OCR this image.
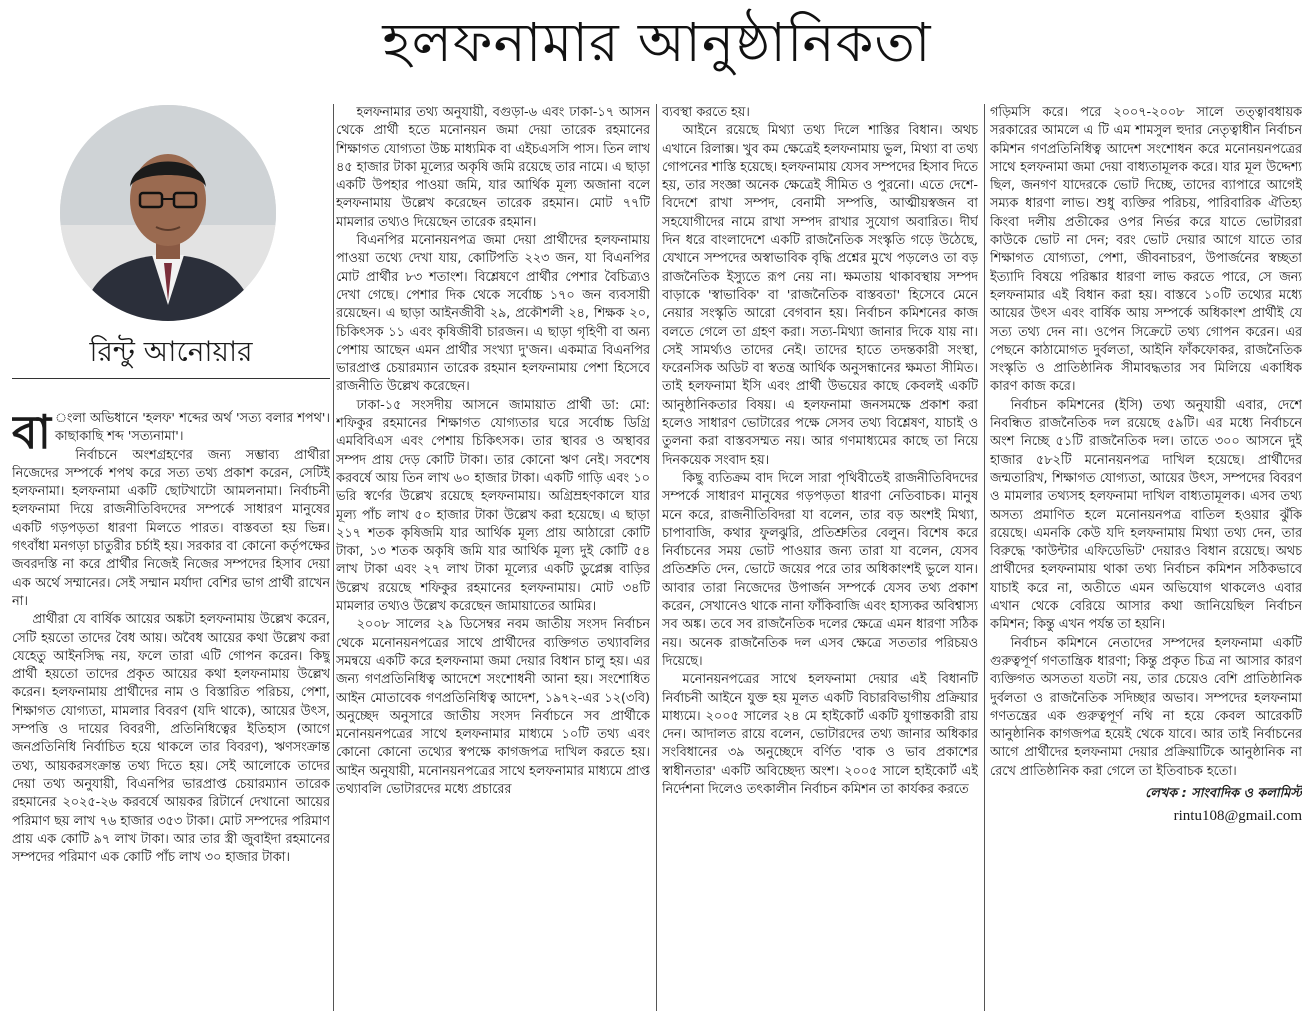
হলফনামার আনুষ্ঠানিকতা
রিন্টু আনোয়ার

বা ংলা অভিধানে 'হলফ' শব্দের অর্থ 'সত্য বলার শপথ'। কাছাকাছি শব্দ 'সত্যনামা'।

নির্বাচনে অংশগ্রহণের জন্য সম্ভাব্য প্রার্থীরা নিজেদের সম্পর্কে শপথ করে সত্য তথ্য প্রকাশ করেন, সেটিই হলফনামা। হলফনামা একটি ছোটখাটো আমলনামা। নির্বাচনী হলফনামা দিয়ে রাজনীতিবিদদের সম্পর্কে সাধারণ মানুষের একটি গড়পড়তা ধারণা মিলতে পারত। বাস্তবতা হয় ভিন্ন। গৎবাঁধা মনগড়া চাতুরীর চর্চাই হয়। সরকার বা কোনো কর্তৃপক্ষের জবরদস্তি না করে প্রার্থীর নিজেই নিজের সম্পদের হিসাব দেয়া এক অর্থে সম্মানের। সেই সম্মান মর্যাদা বেশির ভাগ প্রার্থী রাখেন না।

প্রার্থীরা যে বার্ষিক আয়ের অঙ্কটা হলফনামায় উল্লেখ করেন, সেটি হয়তো তাদের বৈধ আয়। অবৈধ আয়ের কথা উল্লেখ করা যেহেতু আইনসিদ্ধ নয়, ফলে তারা এটি গোপন করেন। কিছু প্রার্থী হয়তো তাদের প্রকৃত আয়ের কথা হলফনামায় উল্লেখ করেন। হলফনামায় প্রার্থীদের নাম ও বিস্তারিত পরিচয়, পেশা, শিক্ষাগত যোগ্যতা, মামলার বিবরণ (যদি থাকে), আয়ের উৎস, সম্পত্তি ও দায়ের বিবরণী, প্রতিনিধিত্বের ইতিহাস (আগে জনপ্রতিনিধি নির্বাচিত হয়ে থাকলে তার বিবরণ), ঋণসংক্রান্ত তথ্য, আয়করসংক্রান্ত তথ্য দিতে হয়। সেই আলোকে তাদের দেয়া তথ্য অনুযায়ী, বিএনপির ভারপ্রাপ্ত চেয়ারম্যান তারেক রহমানের ২০২৫-২৬ করবর্ষে আয়কর রিটার্নে দেখানো আয়ের পরিমাণ ছয় লাখ ৭৬ হাজার ৩৫৩ টাকা। মোট সম্পদের পরিমাণ প্রায় এক কোটি ৯৭ লাখ টাকা। আর তার স্ত্রী জুবাইদা রহমানের সম্পদের পরিমাণ এক কোটি পাঁচ লাখ ৩০ হাজার টাকা।

হলফনামার তথ্য অনুযায়ী, বগুড়া-৬ এবং ঢাকা-১৭ আসন থেকে প্রার্থী হতে মনোনয়ন জমা দেয়া তারেক রহমানের শিক্ষাগত যোগ্যতা উচ্চ মাধ্যমিক বা এইচএসসি পাস। তিন লাখ ৪৫ হাজার টাকা মূল্যের অকৃষি জমি রয়েছে তার নামে। এ ছাড়া একটি উপহার পাওয়া জমি, যার আর্থিক মূল্য অজানা বলে হলফনামায় উল্লেখ করেছেন তারেক রহমান। মোট ৭৭টি মামলার তথ্যও দিয়েছেন তারেক রহমান।

বিএনপির মনোনয়নপত্র জমা দেয়া প্রার্থীদের হলফনামায় পাওয়া তথ্যে দেখা যায়, কোটিপতি ২২৩ জন, যা বিএনপির মোট প্রার্থীর ৮৩ শতাংশ। বিশ্লেষণে প্রার্থীর পেশার বৈচিত্র্যও দেখা গেছে। পেশার দিক থেকে সর্বোচ্চ ১৭০ জন ব্যবসায়ী রয়েছেন। এ ছাড়া আইনজীবী ২৯, প্রকৌশলী ২৪, শিক্ষক ২০, চিকিৎসক ১১ এবং কৃষিজীবী চারজন। এ ছাড়া গৃহিণী বা অন্য পেশায় আছেন এমন প্রার্থীর সংখ্যা দু'জন। একমাত্র বিএনপির ভারপ্রাপ্ত চেয়ারম্যান তারেক রহমান হলফনামায় পেশা হিসেবে রাজনীতি উল্লেখ করেছেন।

ঢাকা-১৫ সংসদীয় আসনে জামায়াত প্রার্থী ডা: মো: শফিকুর রহমানের শিক্ষাগত যোগ্যতার ঘরে সর্বোচ্চ ডিগ্রি এমবিবিএস এবং পেশায় চিকিৎসক। তার স্থাবর ও অস্থাবর সম্পদ প্রায় দেড় কোটি টাকা। তার কোনো ঋণ নেই। সবশেষ করবর্ষে আয় তিন লাখ ৬০ হাজার টাকা। একটি গাড়ি এবং ১০ ভরি স্বর্ণের উল্লেখ রয়েছে হলফনামায়। অগ্রিম্রহণকালে যার মূল্য পাঁচ লাখ ৫০ হাজার টাকা উল্লেখ করা হয়েছে। এ ছাড়া ২১৭ শতক কৃষিজমি যার আর্থিক মূল্য প্রায় আঠারো কোটি টাকা, ১৩ শতক অকৃষি জমি যার আর্থিক মূল্য দুই কোটি ৫৪ লাখ টাকা এবং ২৭ লাখ টাকা মূল্যের একটি ডুপ্লেক্স বাড়ির উল্লেখ রয়েছে শফিকুর রহমানের হলফনামায়। মোট ৩৪টি মামলার তথ্যও উল্লেখ করেছেন জামায়াতের আমির।

২০০৮ সালের ২৯ ডিসেম্বর নবম জাতীয় সংসদ নির্বাচন থেকে মনোনয়নপত্রের সাথে প্রার্থীদের ব্যক্তিগত তথ্যাবলির সমন্বয়ে একটি করে হলফনামা জমা দেয়ার বিধান চালু হয়। এর জন্য গণপ্রতিনিধিত্ব আদেশে সংশোধনী আনা হয়। সংশোধিত আইন মোতাবেক গণপ্রতিনিধিত্ব আদেশ, ১৯৭২-এর ১২(৩বি) অনুচ্ছেদ অনুসারে জাতীয় সংসদ নির্বাচনে সব প্রার্থীকে মনোনয়নপত্রের সাথে হলফনামার মাধ্যমে ১০টি তথ্য এবং কোনো কোনো তথ্যের স্বপক্ষে কাগজপত্র দাখিল করতে হয়। আইন অনুযায়ী, মনোনয়নপত্রের সাথে হলফনামার মাধ্যমে প্রাপ্ত তথ্যাবলি ভোটারদের মধ্যে প্রচারের

ব্যবস্থা করতে হয়।

আইনে রয়েছে মিথ্যা তথ্য দিলে শাস্তির বিধান। অথচ এখানে রিলাক্স। খুব কম ক্ষেত্রেই হলফনামায় ভুল, মিথ্যা বা তথ্য গোপনের শাস্তি হয়েছে। হলফনামায় যেসব সম্পদের হিসাব দিতে হয়, তার সংজ্ঞা অনেক ক্ষেত্রেই সীমিত ও পুরনো। এতে দেশে-বিদেশে রাখা সম্পদ, বেনামী সম্পত্তি, আত্মীয়স্বজন বা সহযোগীদের নামে রাখা সম্পদ রাখার সুযোগ অবারিত। দীর্ঘ দিন ধরে বাংলাদেশে একটি রাজনৈতিক সংস্কৃতি গড়ে উঠেছে, যেখানে সম্পদের অস্বাভাবিক বৃদ্ধি প্রশ্নের মুখে পড়লেও তা বড় রাজনৈতিক ইস্যুতে রূপ নেয় না। ক্ষমতায় থাকাবস্থায় সম্পদ বাড়াকে 'স্বাভাবিক' বা 'রাজনৈতিক বাস্তবতা' হিসেবে মেনে নেয়ার সংস্কৃতি আরো বেগবান হয়। নির্বাচন কমিশনের কাজ বলতে গেলে তা গ্রহণ করা। সত্য-মিথ্যা জানার দিকে যায় না। সেই সামর্থ্যও তাদের নেই। তাদের হাতে তদন্তকারী সংস্থা, ফরেনসিক অডিট বা স্বতন্ত্র আর্থিক অনুসন্ধানের ক্ষমতা সীমিত। তাই হলফনামা ইসি এবং প্রার্থী উভয়ের কাছে কেবলই একটি আনুষ্ঠানিকতার বিষয়। এ হলফনামা জনসমক্ষে প্রকাশ করা হলেও সাধারণ ভোটারের পক্ষে সেসব তথ্য বিশ্লেষণ, যাচাই ও তুলনা করা বাস্তবসম্মত নয়। আর গণমাধ্যমের কাছে তা নিয়ে দিনকয়েক সংবাদ হয়।

কিছু ব্যতিক্রম বাদ দিলে সারা পৃথিবীতেই রাজনীতিবিদদের সম্পর্কে সাধারণ মানুষের গড়পড়তা ধারণা নেতিবাচক। মানুষ মনে করে, রাজনীতিবিদরা যা বলেন, তার বড় অংশই মিথ্যা, চাপাবাজি, কথার ফুলঝুরি, প্রতিশ্রুতির বেলুন। বিশেষ করে নির্বাচনের সময় ভোট পাওয়ার জন্য তারা যা বলেন, যেসব প্রতিশ্রুতি দেন, ভোটে জয়ের পরে তার অধিকাংশই ভুলে যান। আবার তারা নিজেদের উপার্জন সম্পর্কে যেসব তথ্য প্রকাশ করেন, সেখানেও থাকে নানা ফাঁকিবাজি এবং হাস্যকর অবিশ্বাস্য সব অঙ্ক। তবে সব রাজনৈতিক দলের ক্ষেত্রে এমন ধারণা সঠিক নয়। অনেক রাজনৈতিক দল এসব ক্ষেত্রে সততার পরিচয়ও দিয়েছে।

মনোনয়নপত্রের সাথে হলফনামা দেয়ার এই বিধানটি নির্বাচনী আইনে যুক্ত হয় মূলত একটি বিচারবিভাগীয় প্রক্রিয়ার মাধ্যমে। ২০০৫ সালের ২৪ মে হাইকোর্ট একটি যুগান্তকারী রায় দেন। আদালত রায়ে বলেন, ভোটারদের তথ্য জানার অধিকার সংবিধানের ৩৯ অনুচ্ছেদে বর্ণিত 'বাক ও ভাব প্রকাশের স্বাধীনতার' একটি অবিচ্ছেদ্য অংশ। ২০০৫ সালে হাইকোর্ট এই নির্দেশনা দিলেও তৎকালীন নির্বাচন কমিশন তা কার্যকর করতে

গড়িমসি করে। পরে ২০০৭-২০০৮ সালে তত্ত্বাবধায়ক সরকারের আমলে এ টি এম শামসুল হুদার নেতৃত্বাধীন নির্বাচন কমিশন গণপ্রতিনিধিত্ব আদেশ সংশোধন করে মনোনয়নপত্রের সাথে হলফনামা জমা দেয়া বাধ্যতামূলক করে। যার মূল উদ্দেশ্য ছিল, জনগণ যাদেরকে ভোট দিচ্ছে, তাদের ব্যাপারে আগেই সম্যক ধারণা লাভ। শুধু ব্যক্তির পরিচয়, পারিবারিক ঐতিহ্য কিংবা দলীয় প্রতীকের ওপর নির্ভর করে যাতে ভোটাররা কাউকে ভোট না দেন; বরং ভোট দেয়ার আগে যাতে তার শিক্ষাগত যোগ্যতা, পেশা, জীবনাচরণ, উপার্জনের স্বচ্ছতা ইত্যাদি বিষয়ে পরিষ্কার ধারণা লাভ করতে পারে, সে জন্য হলফনামার এই বিধান করা হয়। বাস্তবে ১০টি তথ্যের মধ্যে আয়ের উৎস এবং বার্ষিক আয় সম্পর্কে অধিকাংশ প্রার্থীই যে সত্য তথ্য দেন না। ওপেন সিক্রেটে তথ্য গোপন করেন। এর পেছনে কাঠামোগত দুর্বলতা, আইনি ফাঁকফোকর, রাজনৈতিক সংস্কৃতি ও প্রাতিষ্ঠানিক সীমাবদ্ধতার সব মিলিয়ে একাধিক কারণ কাজ করে।

নির্বাচন কমিশনের (ইসি) তথ্য অনুযায়ী এবার, দেশে নিবন্ধিত রাজনৈতিক দল রয়েছে ৫৯টি। এর মধ্যে নির্বাচনে অংশ নিচ্ছে ৫১টি রাজনৈতিক দল। তাতে ৩০০ আসনে দুই হাজার ৫৮২টি মনোনয়নপত্র দাখিল হয়েছে। প্রার্থীদের জন্মতারিখ, শিক্ষাগত যোগ্যতা, আয়ের উৎস, সম্পদের বিবরণ ও মামলার তথ্যসহ হলফনামা দাখিল বাধ্যতামূলক। এসব তথ্য অসত্য প্রমাণিত হলে মনোনয়নপত্র বাতিল হওয়ার ঝুঁকি রয়েছে। এমনকি কেউ যদি হলফনামায় মিথ্যা তথ্য দেন, তার বিরুদ্ধে 'কাউন্টার এফিডেভিট' দেয়ারও বিধান রয়েছে। অথচ প্রার্থীদের হলফনামায় থাকা তথ্য নির্বাচন কমিশন সঠিকভাবে যাচাই করে না, অতীতে এমন অভিযোগ থাকলেও এবার এখান থেকে বেরিয়ে আসার কথা জানিয়েছিল নির্বাচন কমিশন; কিন্তু এখন পর্যন্ত তা হয়নি।

নির্বাচন কমিশনে নেতাদের সম্পদের হলফনামা একটি গুরুত্বপূর্ণ গণতান্ত্রিক ধারণা; কিন্তু প্রকৃত চিত্র না আসার কারণ ব্যক্তিগত অসততা যতটা নয়, তার চেয়েও বেশি প্রাতিষ্ঠানিক দুর্বলতা ও রাজনৈতিক সদিচ্ছার অভাব। সম্পদের হলফনামা গণতন্ত্রের এক গুরুত্বপূর্ণ নথি না হয়ে কেবল আরেকটি আনুষ্ঠানিক কাগজপত্র হয়েই থেকে যাবে। আর তাই নির্বাচনের আগে প্রার্থীদের হলফনামা দেয়ার প্রক্রিয়াটিকে আনুষ্ঠানিক না রেখে প্রাতিষ্ঠানিক করা গেলে তা ইতিবাচক হতো।

লেখক : সাংবাদিক ও কলামিস্ট
rintu108@gmail.com
